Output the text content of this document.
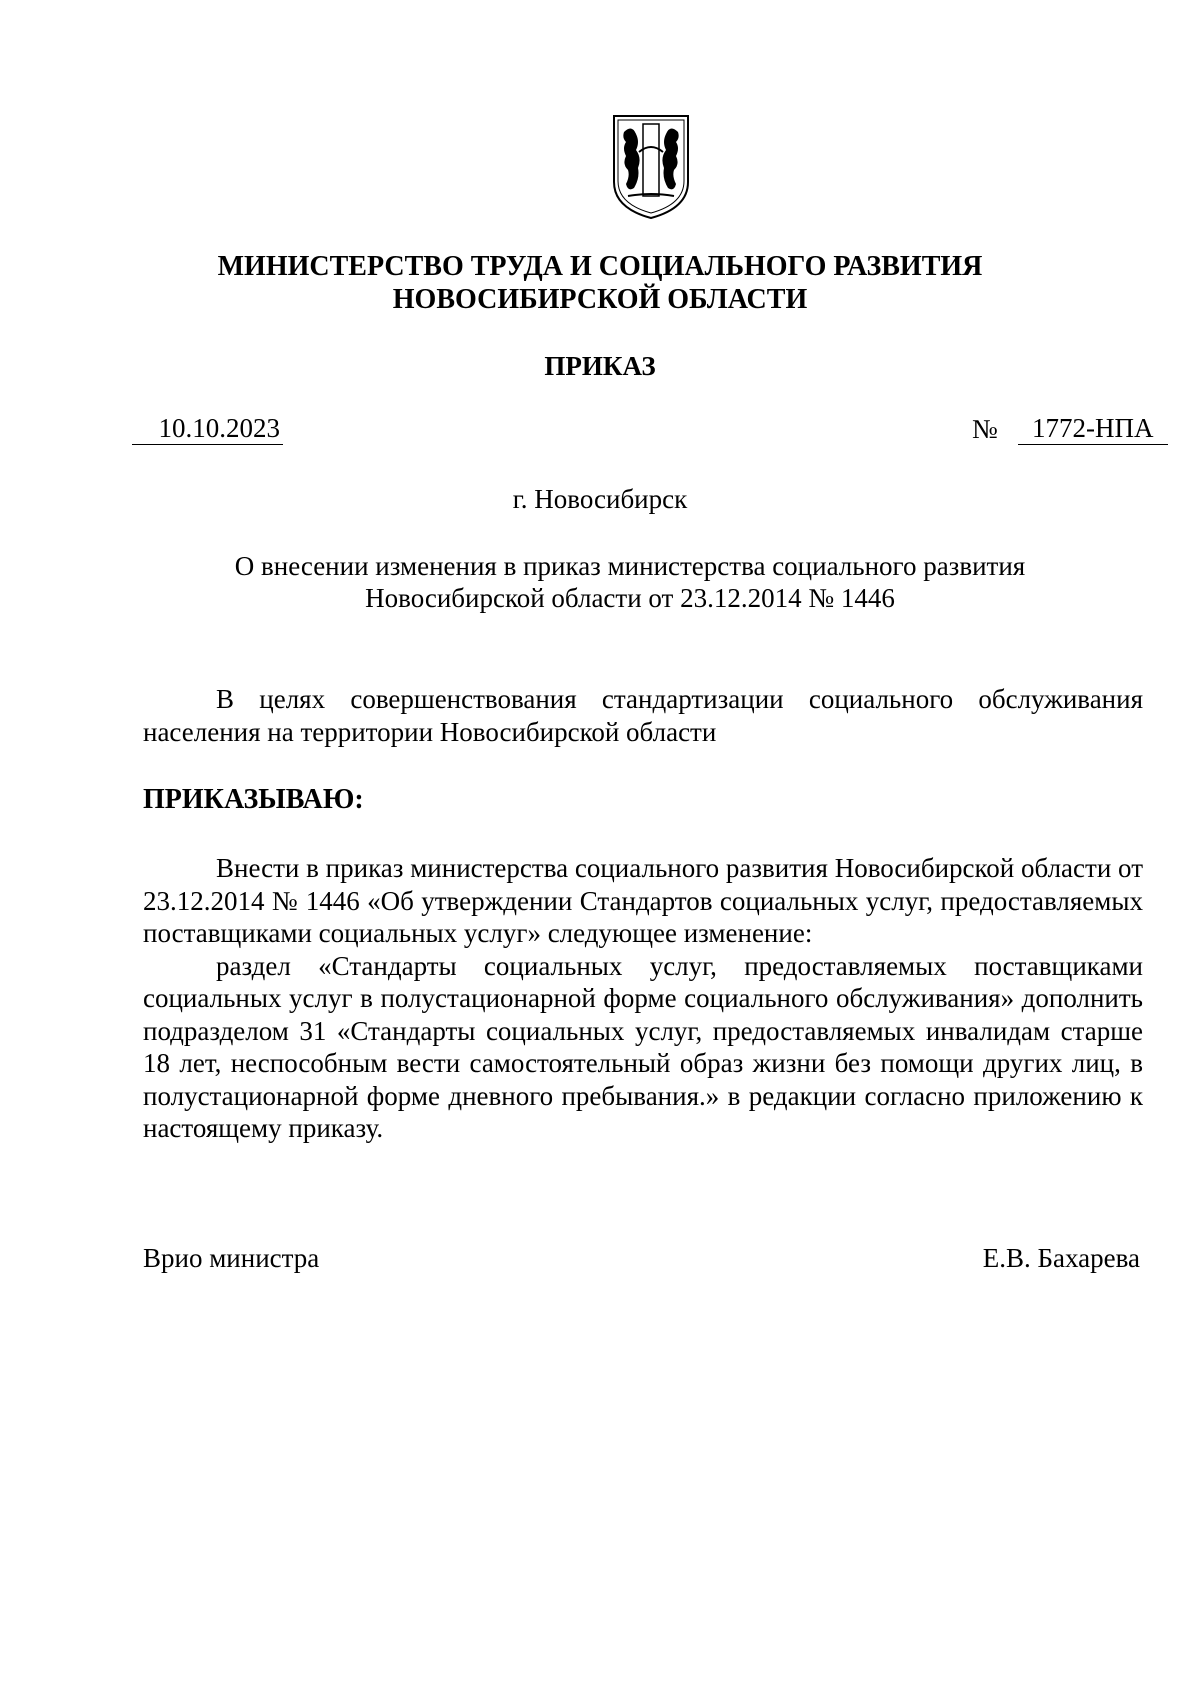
МИНИСТЕРСТВО ТРУДА И СОЦИАЛЬНОГО РАЗВИТИЯ
НОВОСИБИРСКОЙ ОБЛАСТИ
ПРИКАЗ
10.10.2023	№	1772-НПА
г. Новосибирск
О внесении изменения в приказ министерства социального развития
Новосибирской области от 23.12.2014 № 1446

В целях совершенствования стандартизации социального обслуживания населения на территории Новосибирской области

ПРИКАЗЫВАЮ:

Внести в приказ министерства социального развития Новосибирской области от 23.12.2014 № 1446 «Об утверждении Стандартов социальных услуг, предоставляемых поставщиками социальных услуг» следующее изменение:

раздел «Стандарты социальных услуг, предоставляемых поставщиками социальных услуг в полустационарной форме социального обслуживания» дополнить подразделом 31 «Стандарты социальных услуг, предоставляемых инвалидам старше 18 лет, неспособным вести самостоятельный образ жизни без помощи других лиц, в полустационарной форме дневного пребывания.» в редакции согласно приложению к настоящему приказу.

Врио министра	Е.В. Бахарева
